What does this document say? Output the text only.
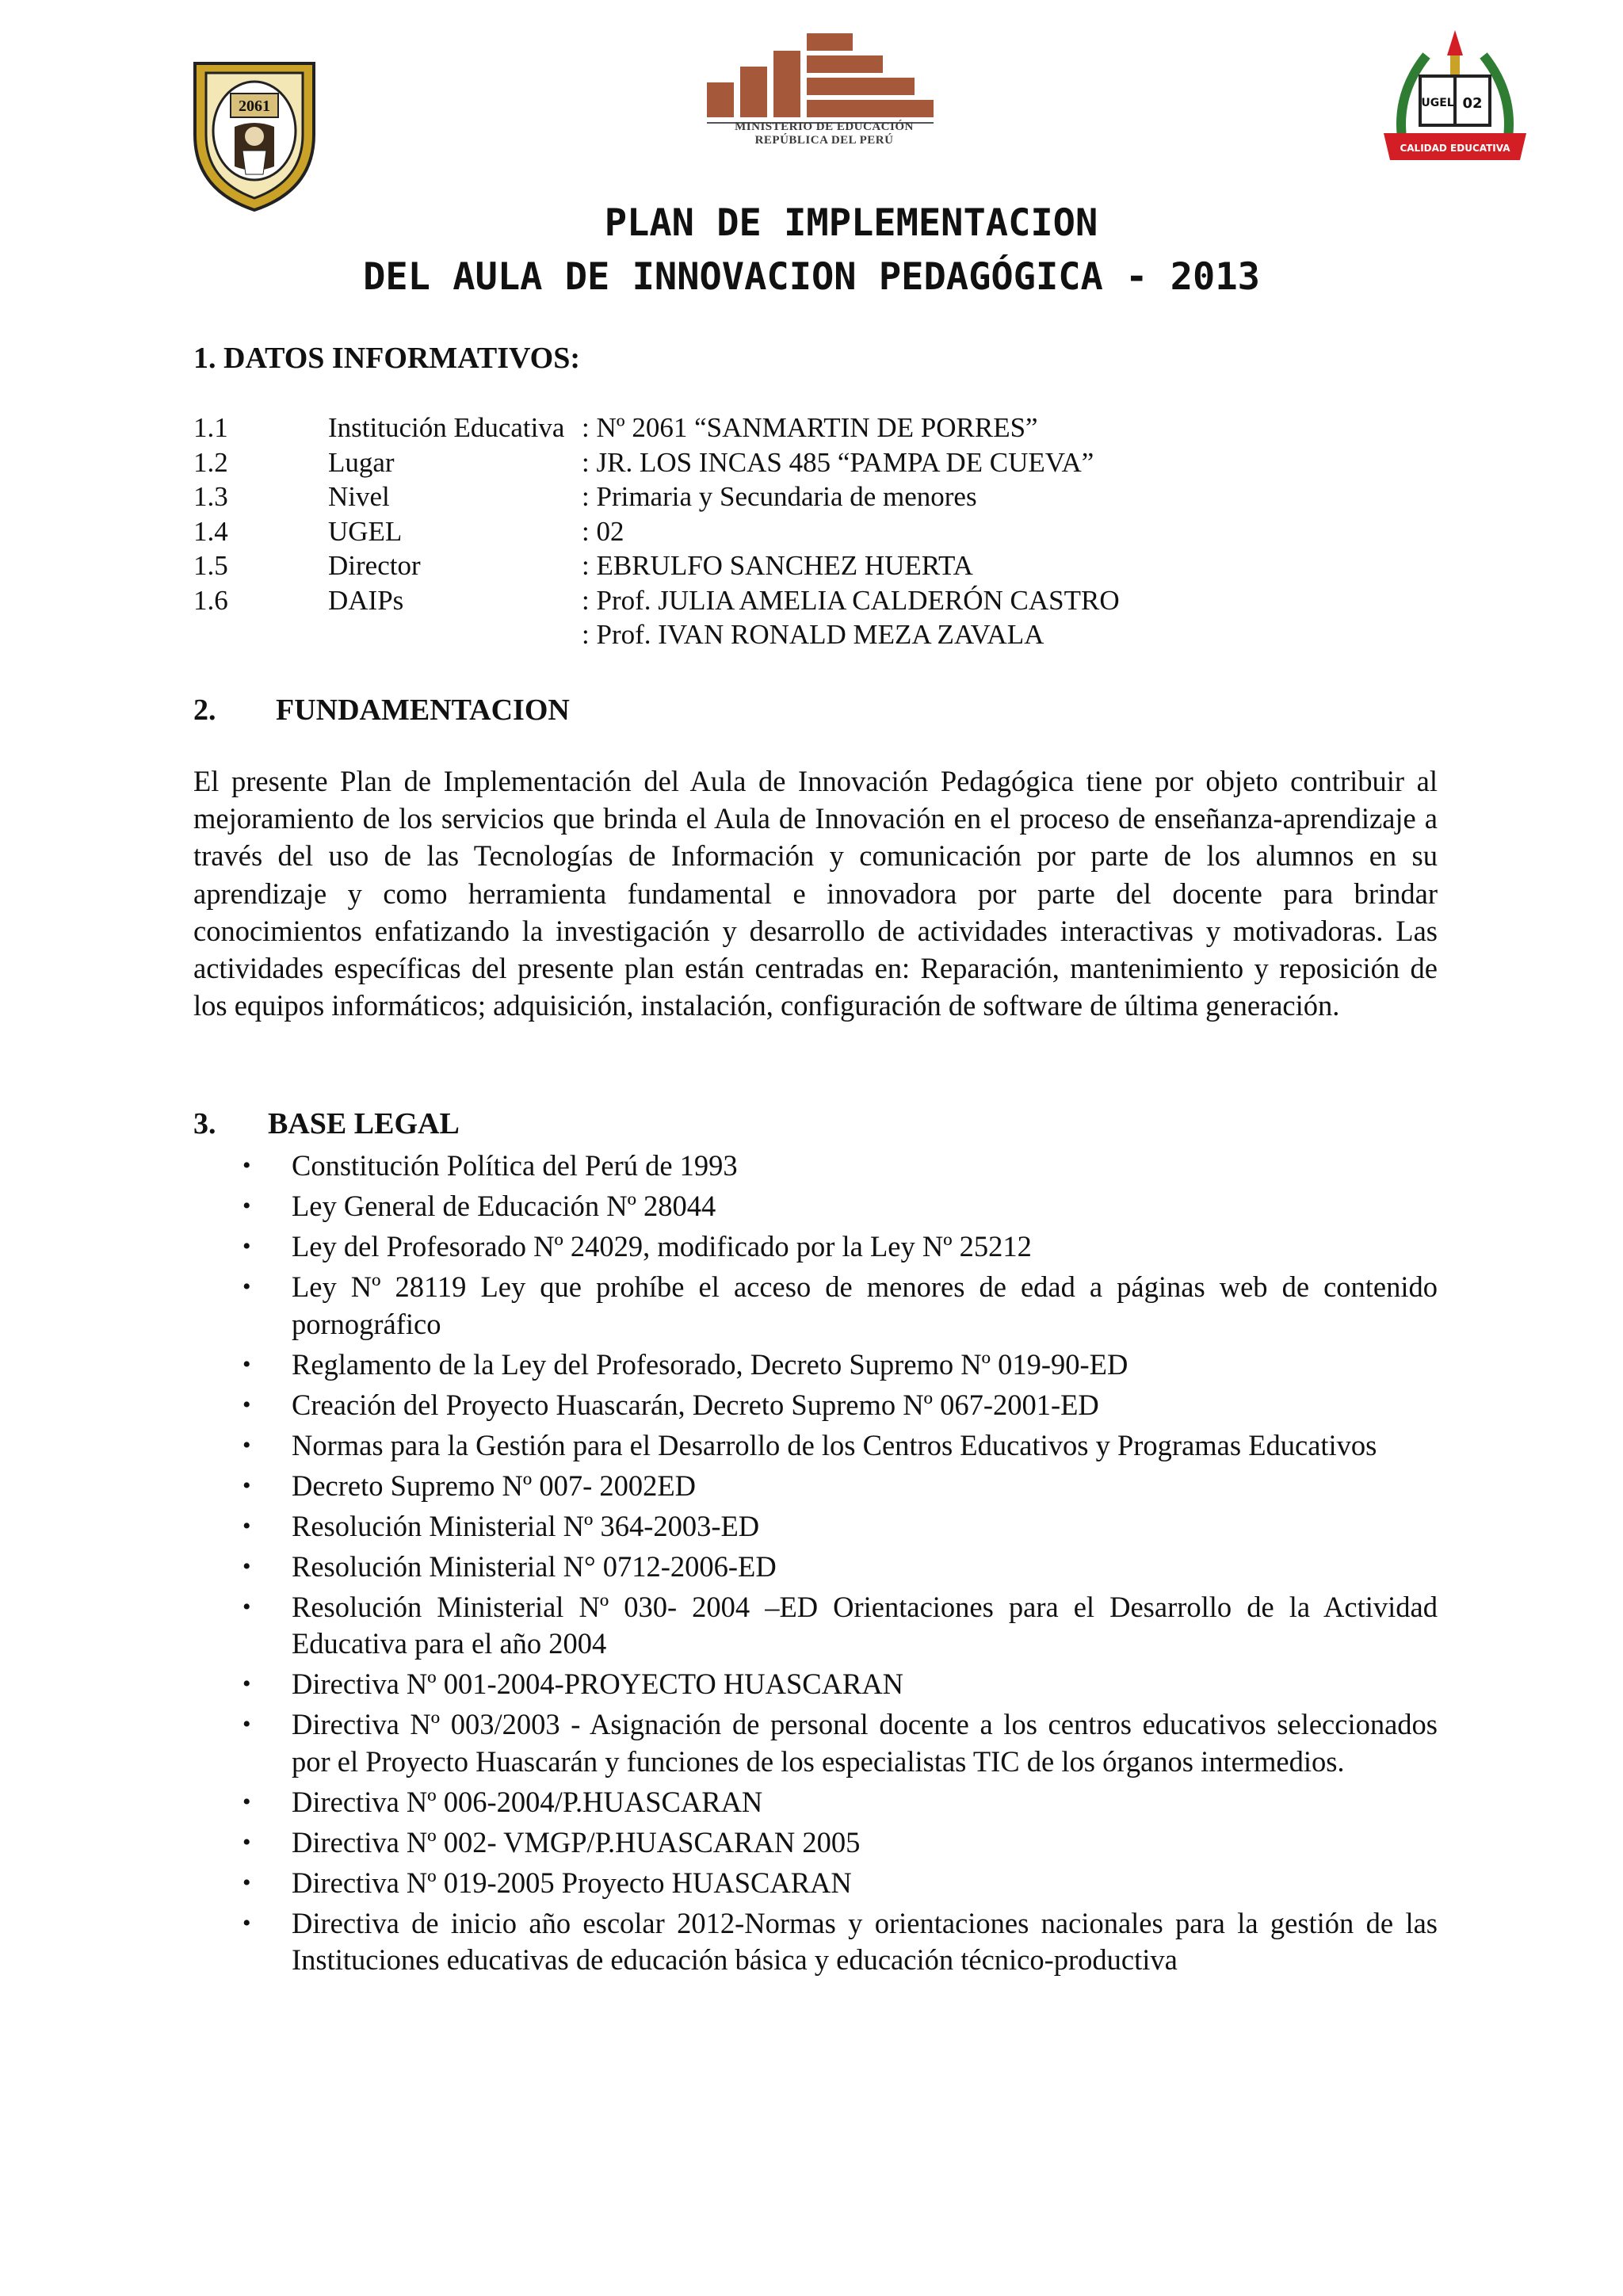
2061
MINISTERIO DE EDUCACIÓN
REPÚBLICA DEL PERÚ
UGEL 02
CALIDAD EDUCATIVA
PLAN DE IMPLEMENTACION
DEL AULA DE INNOVACION PEDAGÓGICA - 2013
1. DATOS INFORMATIVOS:
1.1	Institución Educativa : Nº 2061 “SANMARTIN DE PORRES”
1.2	Lugar	: JR. LOS INCAS 485 “PAMPA DE CUEVA”
1.3	Nivel	: Primaria y Secundaria de menores
1.4	UGEL	: 02
1.5	Director	: EBRULFO SANCHEZ HUERTA
1.6	DAIPs	: Prof. JULIA AMELIA CALDERÓN CASTRO
: Prof. IVAN RONALD MEZA ZAVALA
2. FUNDAMENTACION

El presente Plan de Implementación del Aula de Innovación Pedagógica tiene por objeto contribuir al mejoramiento de los servicios que brinda el Aula de Innovación en el proceso de enseñanza-aprendizaje a través del uso de las Tecnologías de Información y comunicación por parte de los alumnos en su aprendizaje y como herramienta fundamental e innovadora por parte del docente para brindar conocimientos enfatizando la investigación y desarrollo de actividades interactivas y motivadoras. Las actividades específicas del presente plan están centradas en: Reparación, mantenimiento y reposición de los equipos informáticos; adquisición, instalación, configuración de software de última generación.

3. BASE LEGAL
• Constitución Política del Perú de 1993
• Ley General de Educación Nº 28044
• Ley del Profesorado Nº 24029, modificado por la Ley Nº 25212
• Ley Nº 28119 Ley que prohíbe el acceso de menores de edad a páginas web de contenido pornográfico
• Reglamento de la Ley del Profesorado, Decreto Supremo Nº 019-90-ED
• Creación del Proyecto Huascarán, Decreto Supremo Nº 067-2001-ED
• Normas para la Gestión para el Desarrollo de los Centros Educativos y Programas Educativos
• Decreto Supremo Nº 007- 2002ED
• Resolución Ministerial Nº 364-2003-ED
• Resolución Ministerial N° 0712-2006-ED
• Resolución Ministerial Nº 030- 2004 –ED Orientaciones para el Desarrollo de la Actividad Educativa para el año 2004
• Directiva Nº 001-2004-PROYECTO HUASCARAN
• Directiva Nº 003/2003 - Asignación de personal docente a los centros educativos seleccionados por el Proyecto Huascarán y funciones de los especialistas TIC de los órganos intermedios.
• Directiva Nº 006-2004/P.HUASCARAN
• Directiva Nº 002- VMGP/P.HUASCARAN 2005
• Directiva Nº 019-2005 Proyecto HUASCARAN
• Directiva de inicio año escolar 2012-Normas y orientaciones nacionales para la gestión de las Instituciones educativas de educación básica y educación técnico-productiva
